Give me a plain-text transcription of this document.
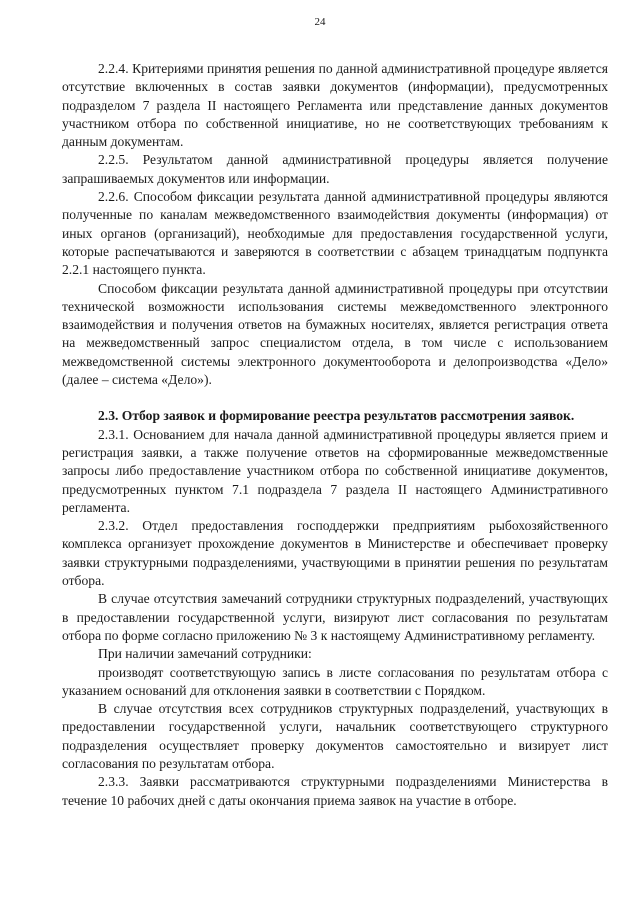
24

2.2.4. Критериями принятия решения по данной административной процедуре является отсутствие включенных в состав заявки документов (информации), предусмотренных подразделом 7 раздела II настоящего Регламента или представление данных документов участником отбора по собственной инициативе, но не соответствующих требованиям к данным документам.

2.2.5. Результатом данной административной процедуры является получение запрашиваемых документов или информации.

2.2.6. Способом фиксации результата данной административной процедуры являются полученные по каналам межведомственного взаимодействия документы (информация) от иных органов (организаций), необходимые для предоставления государственной услуги, которые распечатываются и заверяются в соответствии с абзацем тринадцатым подпункта 2.2.1 настоящего пункта.

Способом фиксации результата данной административной процедуры при отсутствии технической возможности использования системы межведомственного электронного взаимодействия и получения ответов на бумажных носителях, является регистрация ответа на межведомственный запрос специалистом отдела, в том числе с использованием межведомственной системы электронного документооборота и делопроизводства «Дело» (далее – система «Дело»).

2.3. Отбор заявок и формирование реестра результатов рассмотрения заявок.

2.3.1. Основанием для начала данной административной процедуры является прием и регистрация заявки, а также получение ответов на сформированные межведомственные запросы либо предоставление участником отбора по собственной инициативе документов, предусмотренных пунктом 7.1 подраздела 7 раздела II настоящего Административного регламента.

2.3.2. Отдел предоставления господдержки предприятиям рыбохозяйственного комплекса организует прохождение документов в Министерстве и обеспечивает проверку заявки структурными подразделениями, участвующими в принятии решения по результатам отбора.

В случае отсутствия замечаний сотрудники структурных подразделений, участвующих в предоставлении государственной услуги, визируют лист согласования по результатам отбора по форме согласно приложению № 3 к настоящему Административному регламенту.

При наличии замечаний сотрудники:

производят соответствующую запись в листе согласования по результатам отбора с указанием оснований для отклонения заявки в соответствии с Порядком.

В случае отсутствия всех сотрудников структурных подразделений, участвующих в предоставлении государственной услуги, начальник соответствующего структурного подразделения осуществляет проверку документов самостоятельно и визирует лист согласования по результатам отбора.

2.3.3. Заявки рассматриваются структурными подразделениями Министерства в течение 10 рабочих дней с даты окончания приема заявок на участие в отборе.
